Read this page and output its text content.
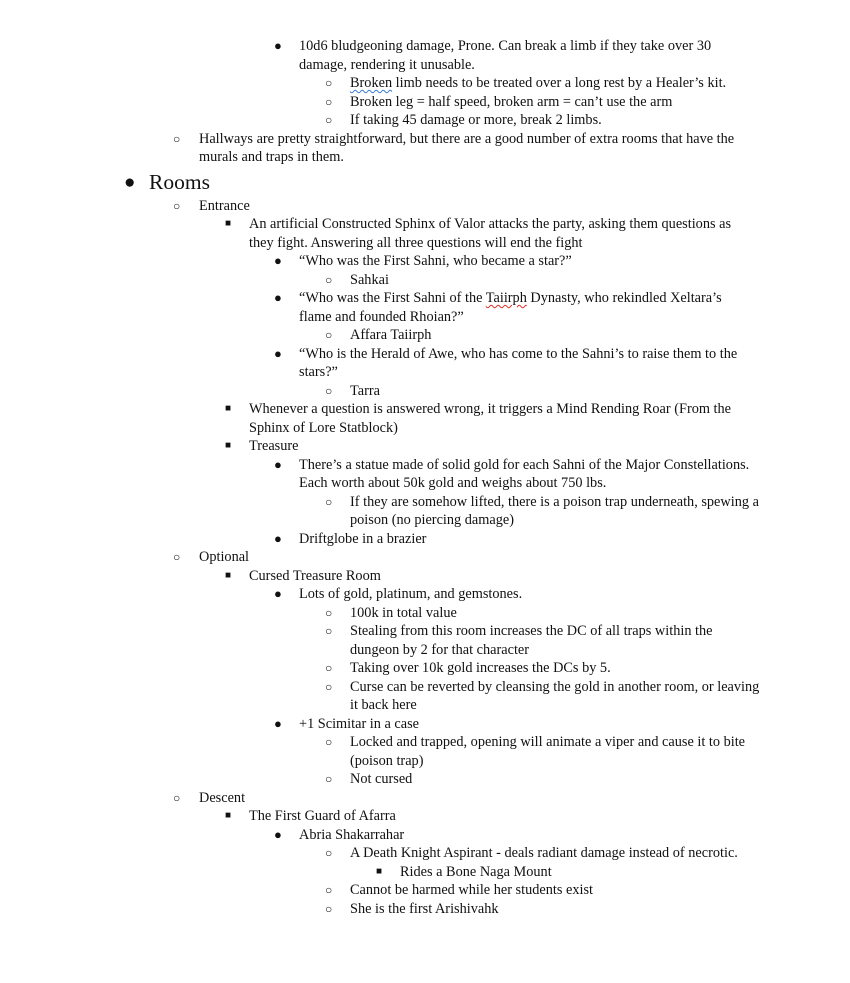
● 10d6 bludgeoning damage, Prone. Can break a limb if they take over 30 damage, rendering it unusable.
○ Broken limb needs to be treated over a long rest by a Healer’s kit.
○ Broken leg = half speed, broken arm = can’t use the arm
○ If taking 45 damage or more, break 2 limbs.
○ Hallways are pretty straightforward, but there are a good number of extra rooms that have the murals and traps in them.
● Rooms
○ Entrance
■ An artificial Constructed Sphinx of Valor attacks the party, asking them questions as they fight. Answering all three questions will end the fight
● “Who was the First Sahni, who became a star?”
○ Sahkai
● “Who was the First Sahni of the Taiirph Dynasty, who rekindled Xeltara’s flame and founded Rhoian?”
○ Affara Taiirph
● “Who is the Herald of Awe, who has come to the Sahni’s to raise them to the stars?”
○ Tarra
■ Whenever a question is answered wrong, it triggers a Mind Rending Roar (From the Sphinx of Lore Statblock)
■ Treasure
● There’s a statue made of solid gold for each Sahni of the Major Constellations. Each worth about 50k gold and weighs about 750 lbs.
○ If they are somehow lifted, there is a poison trap underneath, spewing a poison (no piercing damage)
● Driftglobe in a brazier
○ Optional
■ Cursed Treasure Room
● Lots of gold, platinum, and gemstones.
○ 100k in total value
○ Stealing from this room increases the DC of all traps within the dungeon by 2 for that character
○ Taking over 10k gold increases the DCs by 5.
○ Curse can be reverted by cleansing the gold in another room, or leaving it back here
● +1 Scimitar in a case
○ Locked and trapped, opening will animate a viper and cause it to bite (poison trap)
○ Not cursed
○ Descent
■ The First Guard of Afarra
● Abria Shakarrahar
○ A Death Knight Aspirant - deals radiant damage instead of necrotic.
■ Rides a Bone Naga Mount
○ Cannot be harmed while her students exist
○ She is the first Arishivahk
